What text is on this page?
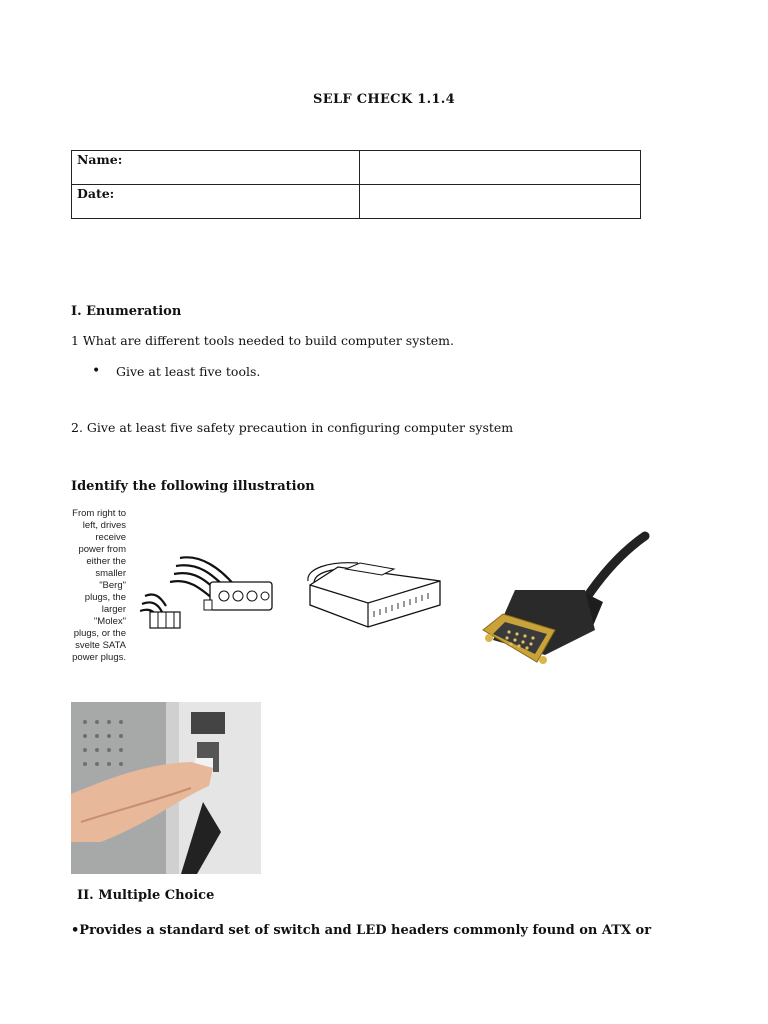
SELF CHECK 1.1.4
Name:	
Date:	
I. Enumeration
1 What are different tools needed to build computer system.
• Give at least five tools.
2. Give at least five safety precaution in configuring computer system
Identify the following illustration
From right to
left, drives
receive
power from
either the
smaller
"Berg"
plugs, the
larger
"Molex"
plugs, or the
svelte SATA
power plugs.
II. Multiple Choice
•Provides a standard set of switch and LED headers commonly found on ATX or
